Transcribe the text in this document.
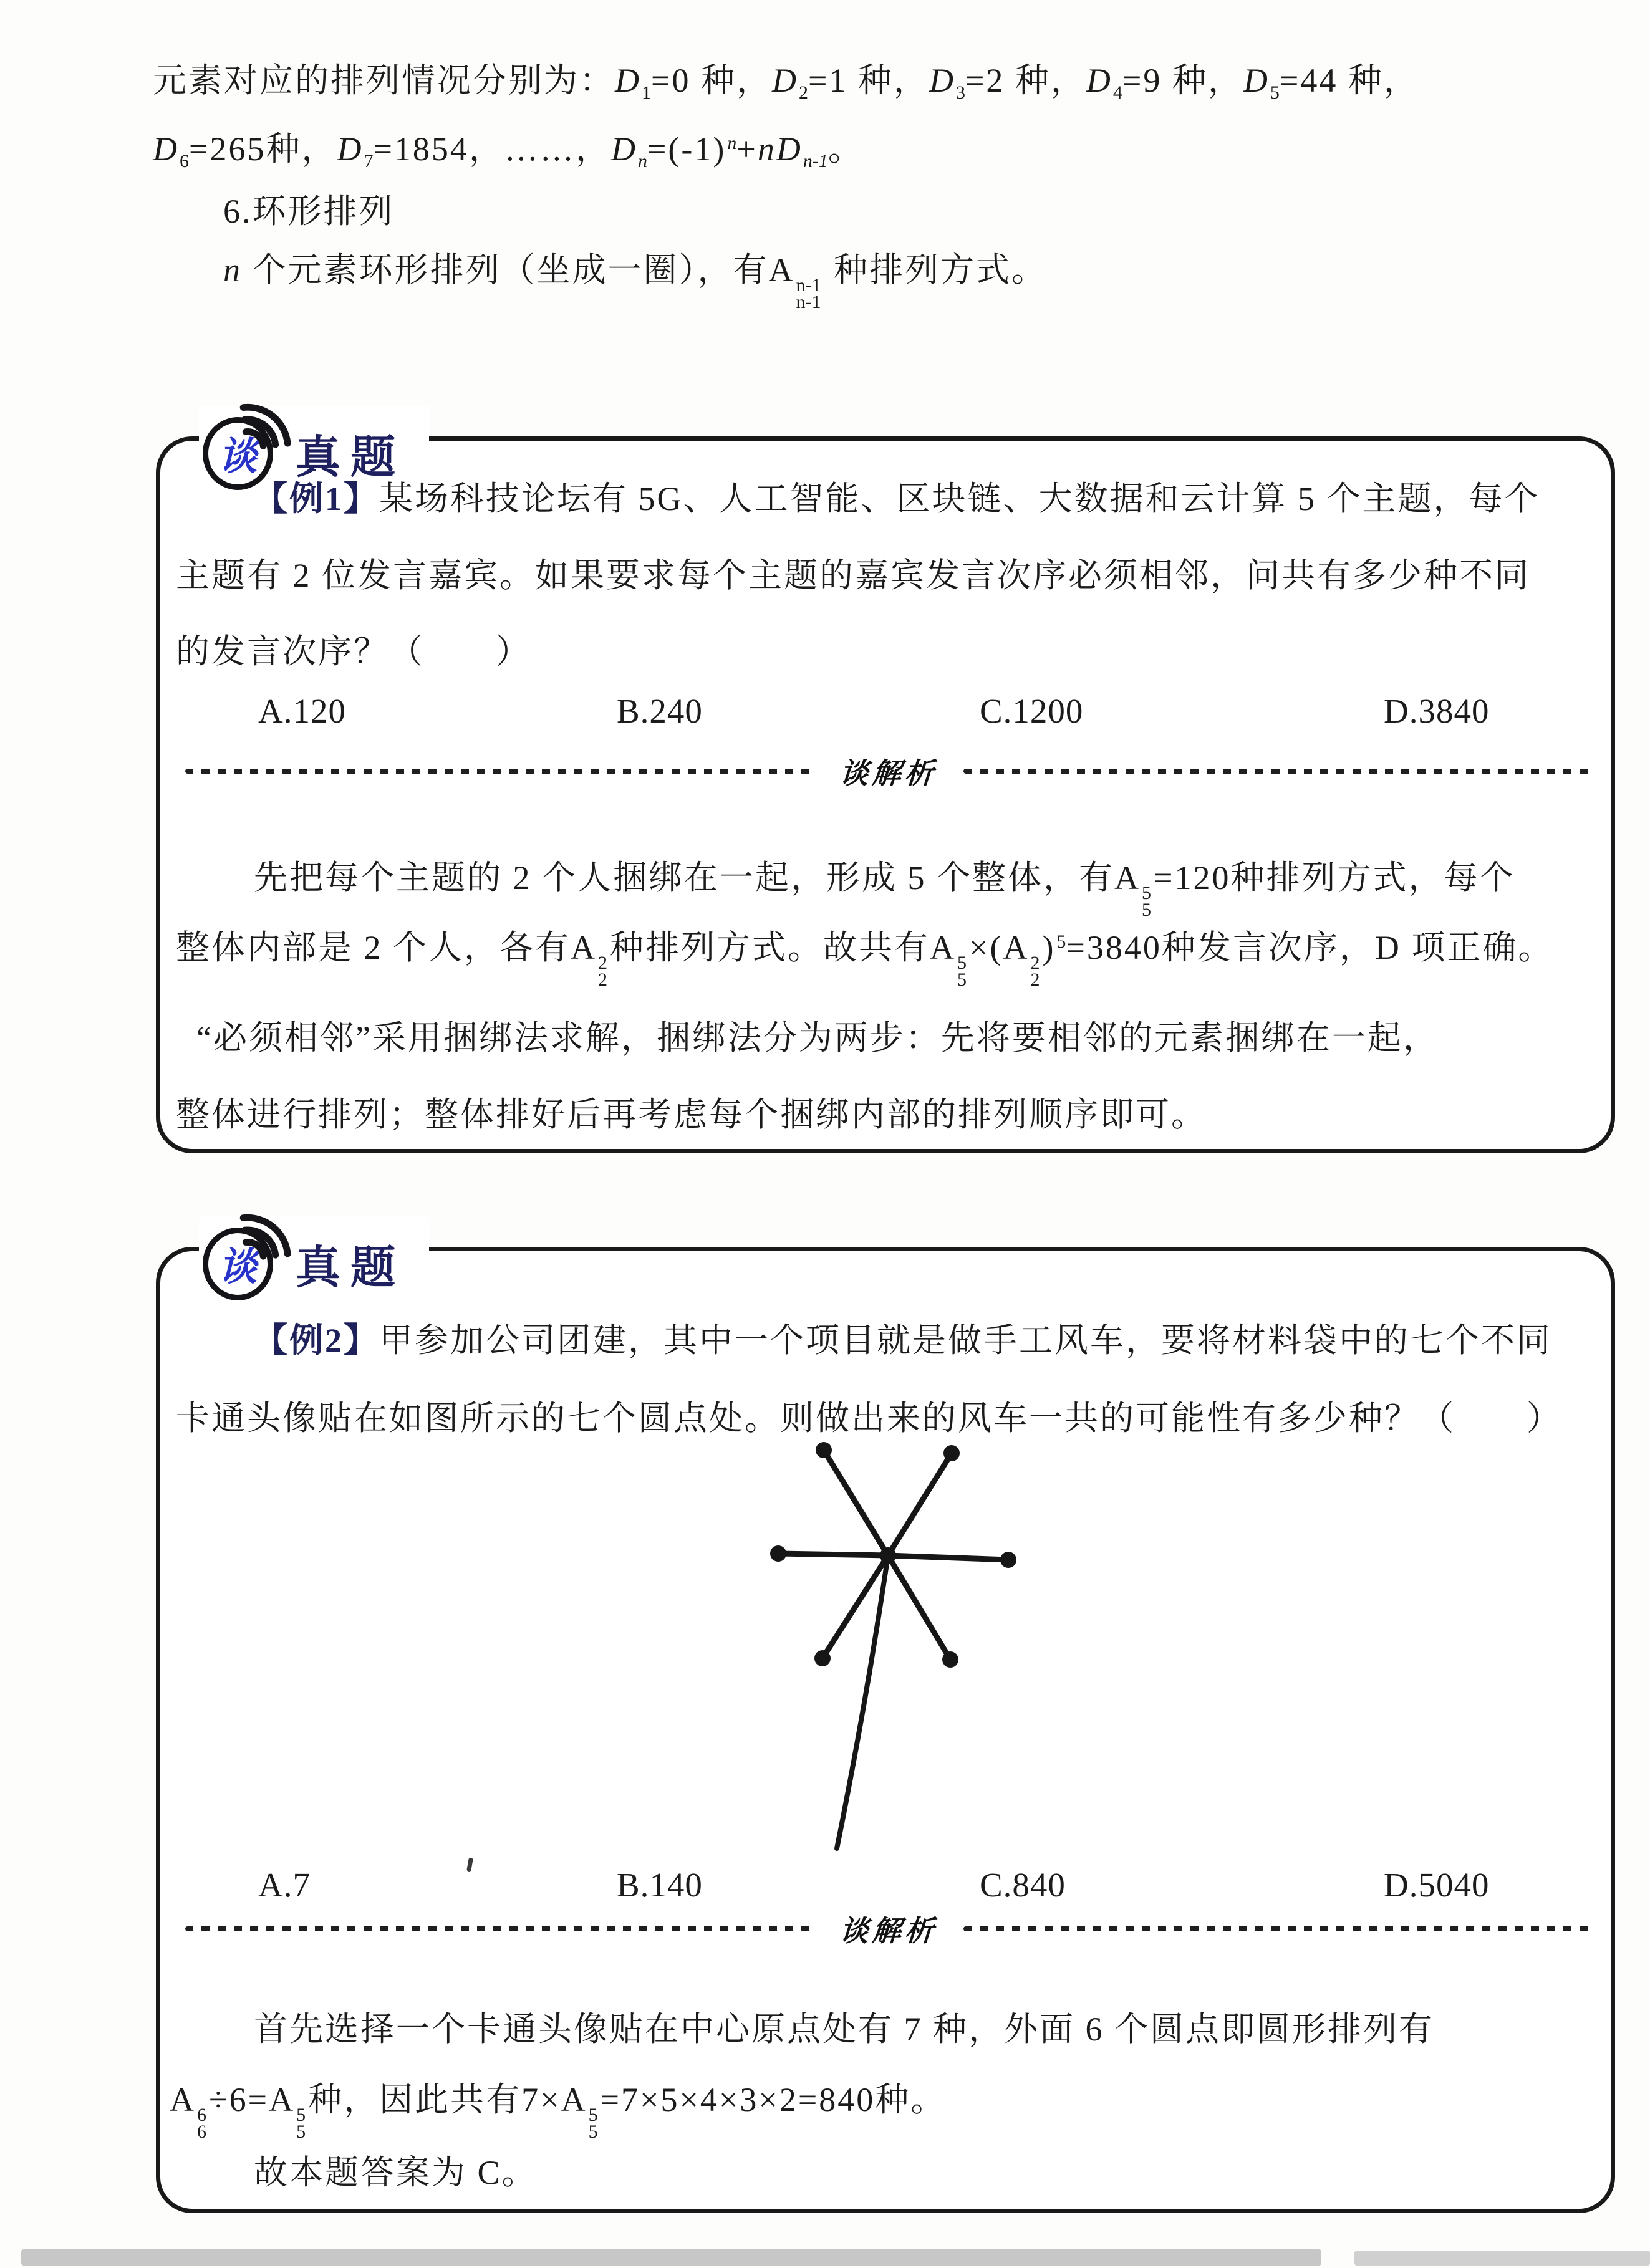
元素对应的排列情况分别为：$D_1=0$ 种，$D_2=1$ 种，$D_3=2$ 种，$D_4=9$ 种，$D_5=44$ 种，
$D_6=265$种，$D_7=1854$，……，$D_n=(-1)^n+nD_{n-1}$。
6.环形排列
n 个元素环形排列（坐成一圈），有A n-1
n-1
种排列方式。
谈 真题
【例1】某场科技论坛有 5G、人工智能、区块链、大数据和云计算 5 个主题，每个
主题有 2 位发言嘉宾。如果要求每个主题的嘉宾发言次序必须相邻，问共有多少种不同
的发言次序？（　　）
A.120	B.240	C.1200	D.3840
谈解析
先把每个主题的 2 个人捆绑在一起，形成 5 个整体，有A 5
5
=120种排列方式，每个
整体内部是 2 个人，各有A 2
2
种排列方式。故共有A 5
5
×(A 2
2
)$^5$=3840种发言次序，D 项正确。
“必须相邻”采用捆绑法求解，捆绑法分为两步：先将要相邻的元素捆绑在一起，
整体进行排列；整体排好后再考虑每个捆绑内部的排列顺序即可。
谈 真题
【例2】甲参加公司团建，其中一个项目就是做手工风车，要将材料袋中的七个不同
卡通头像贴在如图所示的七个圆点处。则做出来的风车一共的可能性有多少种？（　　）
A.7	B.140	C.840	D.5040
谈解析
首先选择一个卡通头像贴在中心原点处有 7 种，外面 6 个圆点即圆形排列有
A 6
6
÷6=A 5
5
种，因此共有7×A 5
5
=7×5×4×3×2=840种。
故本题答案为 C。
